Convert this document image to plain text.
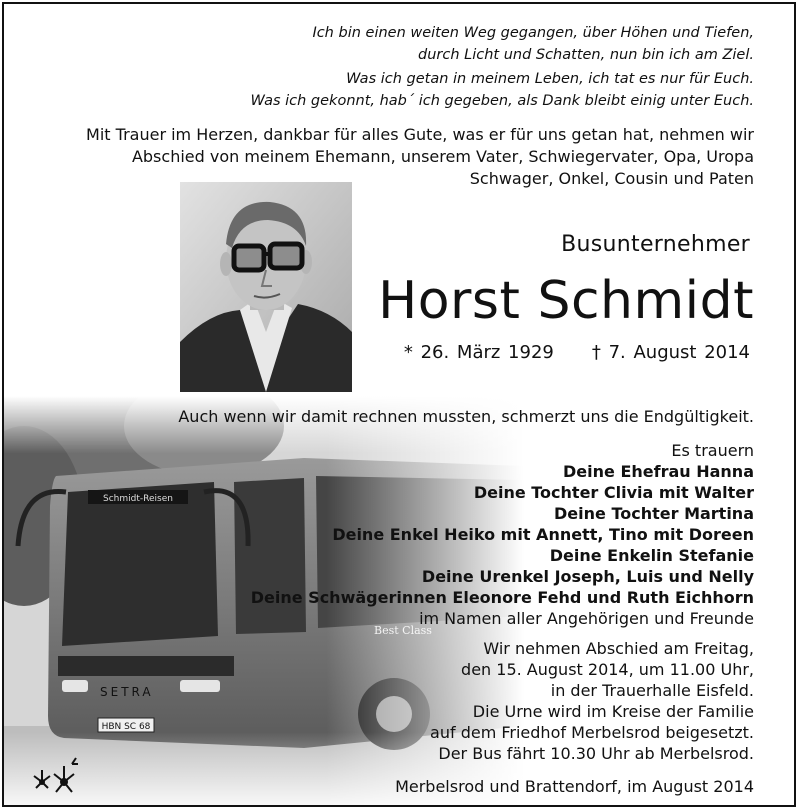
Ich bin einen weiten Weg gegangen, über Höhen und Tiefen,
durch Licht und Schatten, nun bin ich am Ziel.
Was ich getan in meinem Leben, ich tat es nur für Euch.
Was ich gekonnt, hab´ ich gegeben, als Dank bleibt einig unter Euch.
Mit Trauer im Herzen, dankbar für alles Gute, was er für uns getan hat, nehmen wir
Abschied von meinem Ehemann, unserem Vater, Schwiegervater, Opa, Uropa
Schwager, Onkel, Cousin und Paten
Busunternehmer
Horst Schmidt
* 26. März 1929 † 7. August 2014
Auch wenn wir damit rechnen mussten, schmerzt uns die Endgültigkeit.
Es trauern
Deine Ehefrau Hanna
Deine Tochter Clivia mit Walter
Deine Tochter Martina
Deine Enkel Heiko mit Annett, Tino mit Doreen
Deine Enkelin Stefanie
Deine Urenkel Joseph, Luis und Nelly
Deine Schwägerinnen Eleonore Fehd und Ruth Eichhorn
im Namen aller Angehörigen und Freunde
Wir nehmen Abschied am Freitag,
den 15. August 2014, um 11.00 Uhr,
in der Trauerhalle Eisfeld.
Die Urne wird im Kreise der Familie
auf dem Friedhof Merbelsrod beigesetzt.
Der Bus fährt 10.30 Uhr ab Merbelsrod.
Merbelsrod und Brattendorf, im August 2014
